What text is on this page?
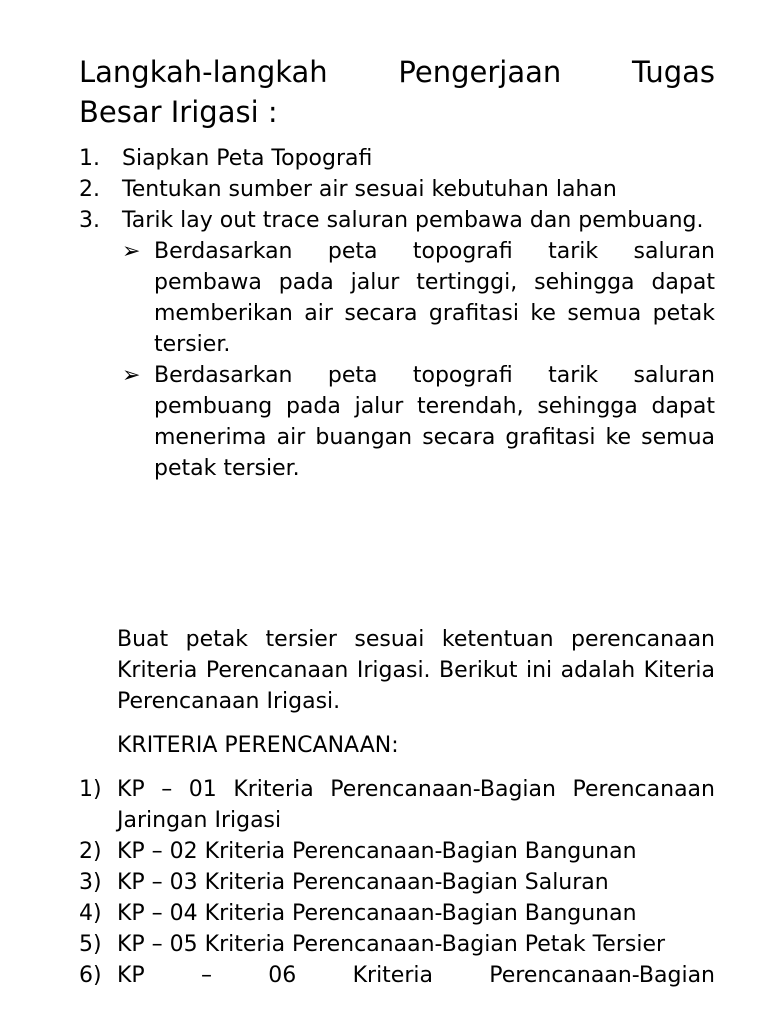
Langkah-langkah Pengerjaan Tugas
Besar Irigasi :
1. Siapkan Peta Topografi
2. Tentukan sumber air sesuai kebutuhan lahan
3. Tarik lay out trace saluran pembawa dan pembuang.
➢ Berdasarkan peta topografi tarik saluran pembawa pada jalur tertinggi, sehingga dapat memberikan air secara grafitasi ke semua petak tersier.
➢ Berdasarkan peta topografi tarik saluran pembuang pada jalur terendah, sehingga dapat menerima air buangan secara grafitasi ke semua petak tersier.

Buat petak tersier sesuai ketentuan perencanaan Kriteria Perencanaan Irigasi. Berikut ini adalah Kiteria Perencanaan Irigasi.

KRITERIA PERENCANAAN:

1) KP – 01 Kriteria Perencanaan-Bagian Perencanaan Jaringan Irigasi
2) KP – 02 Kriteria Perencanaan-Bagian Bangunan
3) KP – 03 Kriteria Perencanaan-Bagian Saluran
4) KP – 04 Kriteria Perencanaan-Bagian Bangunan
5) KP – 05 Kriteria Perencanaan-Bagian Petak Tersier
6) KP – 06 Kriteria Perencanaan-Bagian
